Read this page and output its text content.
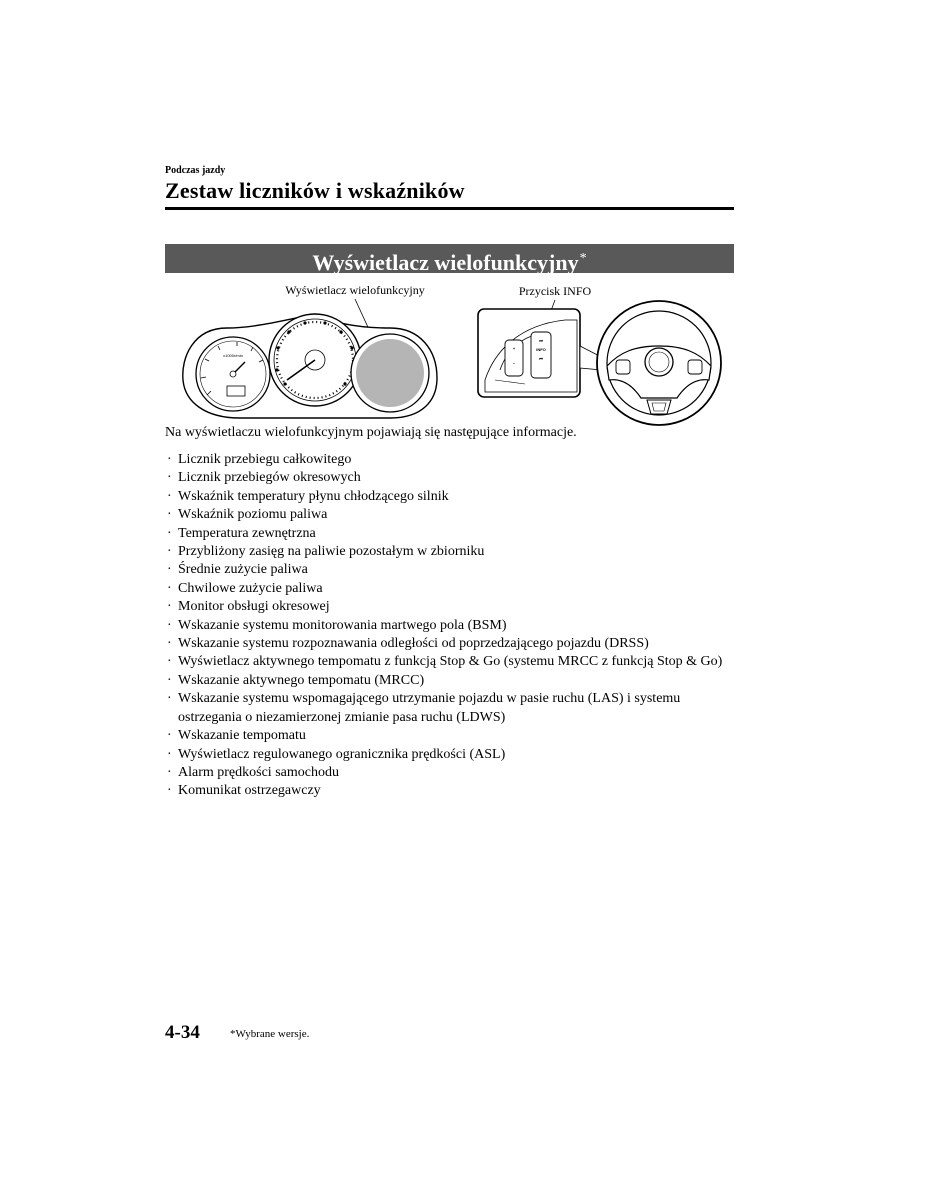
Podczas jazdy
Zestaw liczników i wskaźników
Wyświetlacz wielofunkcyjny*
Wyświetlacz wielofunkcyjny	Przycisk INFO
x1000r/min
⏭
INFO
⏮
+
−
Na wyświetlaczu wielofunkcyjnym pojawiają się następujące informacje.
· Licznik przebiegu całkowitego
· Licznik przebiegów okresowych
· Wskaźnik temperatury płynu chłodzącego silnik
· Wskaźnik poziomu paliwa
· Temperatura zewnętrzna
· Przybliżony zasięg na paliwie pozostałym w zbiorniku
· Średnie zużycie paliwa
· Chwilowe zużycie paliwa
· Monitor obsługi okresowej
· Wskazanie systemu monitorowania martwego pola (BSM)
· Wskazanie systemu rozpoznawania odległości od poprzedzającego pojazdu (DRSS)
· Wyświetlacz aktywnego tempomatu z funkcją Stop & Go (systemu MRCC z funkcją Stop & Go)
· Wskazanie aktywnego tempomatu (MRCC)
· Wskazanie systemu wspomagającego utrzymanie pojazdu w pasie ruchu (LAS) i systemu ostrzegania o niezamierzonej zmianie pasa ruchu (LDWS)
· Wskazanie tempomatu
· Wyświetlacz regulowanego ogranicznika prędkości (ASL)
· Alarm prędkości samochodu
· Komunikat ostrzegawczy
4-34	*Wybrane wersje.
